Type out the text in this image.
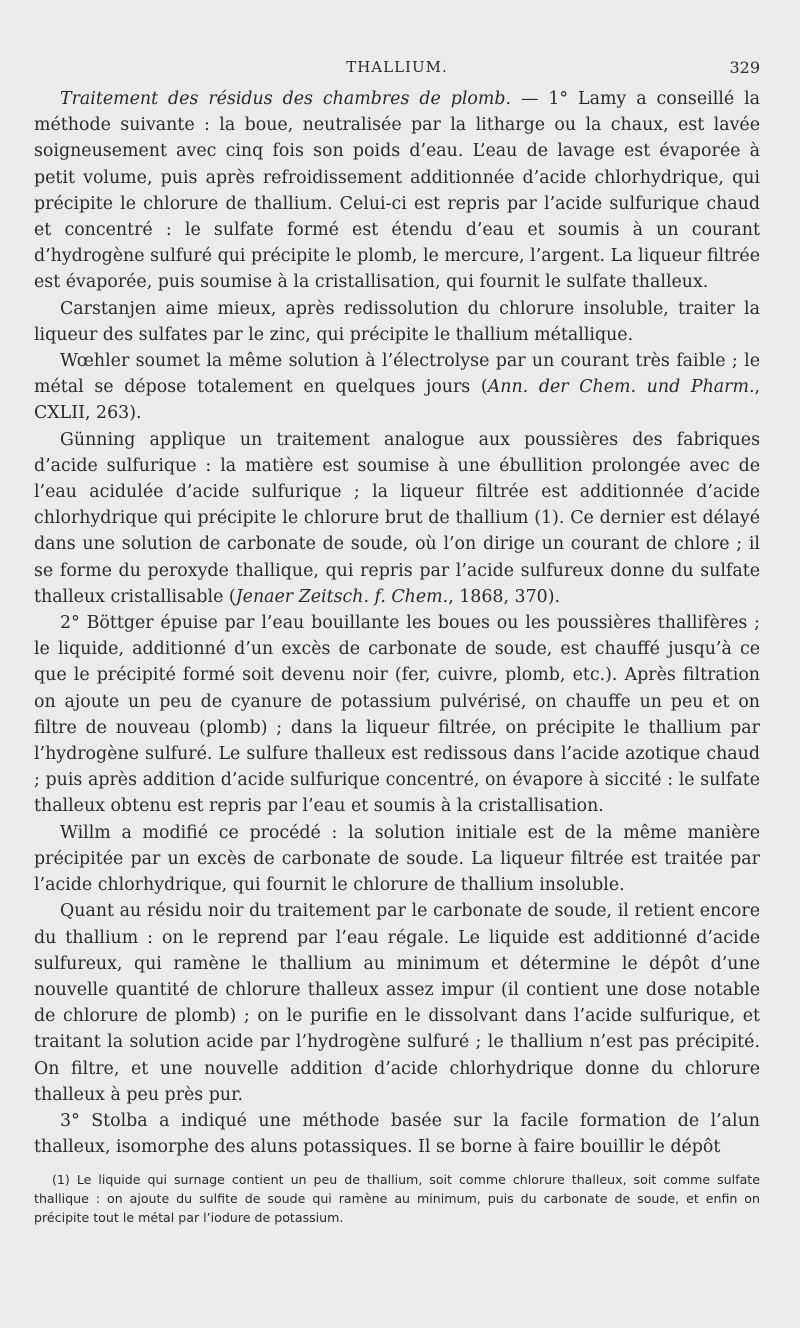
THALLIUM.	329

Traitement des résidus des chambres de plomb. — 1° Lamy a conseillé la méthode suivante : la boue, neutralisée par la litharge ou la chaux, est lavée soigneusement avec cinq fois son poids d’eau. L’eau de lavage est évaporée à petit volume, puis après refroidissement additionnée d’acide chlorhydrique, qui précipite le chlorure de thallium. Celui-ci est repris par l’acide sulfurique chaud et concentré : le sulfate formé est étendu d’eau et soumis à un courant d’hydrogène sulfuré qui précipite le plomb, le mercure, l’argent. La liqueur filtrée est évaporée, puis soumise à la cristallisation, qui fournit le sulfate thalleux.

Carstanjen aime mieux, après redissolution du chlorure insoluble, traiter la liqueur des sulfates par le zinc, qui précipite le thallium métallique.

Wœhler soumet la même solution à l’électrolyse par un courant très faible ; le métal se dépose totalement en quelques jours (Ann. der Chem. und Pharm., CXLII, 263).

Günning applique un traitement analogue aux poussières des fabriques d’acide sulfurique : la matière est soumise à une ébullition prolongée avec de l’eau acidulée d’acide sulfurique ; la liqueur filtrée est additionnée d’acide chlorhydrique qui précipite le chlorure brut de thallium (1). Ce dernier est délayé dans une solution de carbonate de soude, où l’on dirige un courant de chlore ; il se forme du peroxyde thallique, qui repris par l’acide sulfureux donne du sulfate thalleux cristallisable (Jenaer Zeitsch. f. Chem., 1868, 370).

2° Böttger épuise par l’eau bouillante les boues ou les poussières thallifères ; le liquide, additionné d’un excès de carbonate de soude, est chauffé jusqu’à ce que le précipité formé soit devenu noir (fer, cuivre, plomb, etc.). Après filtration on ajoute un peu de cyanure de potassium pulvérisé, on chauffe un peu et on filtre de nouveau (plomb) ; dans la liqueur filtrée, on précipite le thallium par l’hydrogène sulfuré. Le sulfure thalleux est redissous dans l’acide azotique chaud ; puis après addition d’acide sulfurique concentré, on évapore à siccité : le sulfate thalleux obtenu est repris par l’eau et soumis à la cristallisation.

Willm a modifié ce procédé : la solution initiale est de la même manière précipitée par un excès de carbonate de soude. La liqueur filtrée est traitée par l’acide chlorhydrique, qui fournit le chlorure de thallium insoluble.

Quant au résidu noir du traitement par le carbonate de soude, il retient encore du thallium : on le reprend par l’eau régale. Le liquide est additionné d’acide sulfureux, qui ramène le thallium au minimum et détermine le dépôt d’une nouvelle quantité de chlorure thalleux assez impur (il contient une dose notable de chlorure de plomb) ; on le purifie en le dissolvant dans l’acide sulfurique, et traitant la solution acide par l’hydrogène sulfuré ; le thallium n’est pas précipité. On filtre, et une nouvelle addition d’acide chlorhydrique donne du chlorure thalleux à peu près pur.

3° Stolba a indiqué une méthode basée sur la facile formation de l’alun thalleux, isomorphe des aluns potassiques. Il se borne à faire bouillir le dépôt

(1) Le liquide qui surnage contient un peu de thallium, soit comme chlorure thalleux, soit comme sulfate thallique : on ajoute du sulfite de soude qui ramène au minimum, puis du carbonate de soude, et enfin on précipite tout le métal par l’iodure de potassium.
